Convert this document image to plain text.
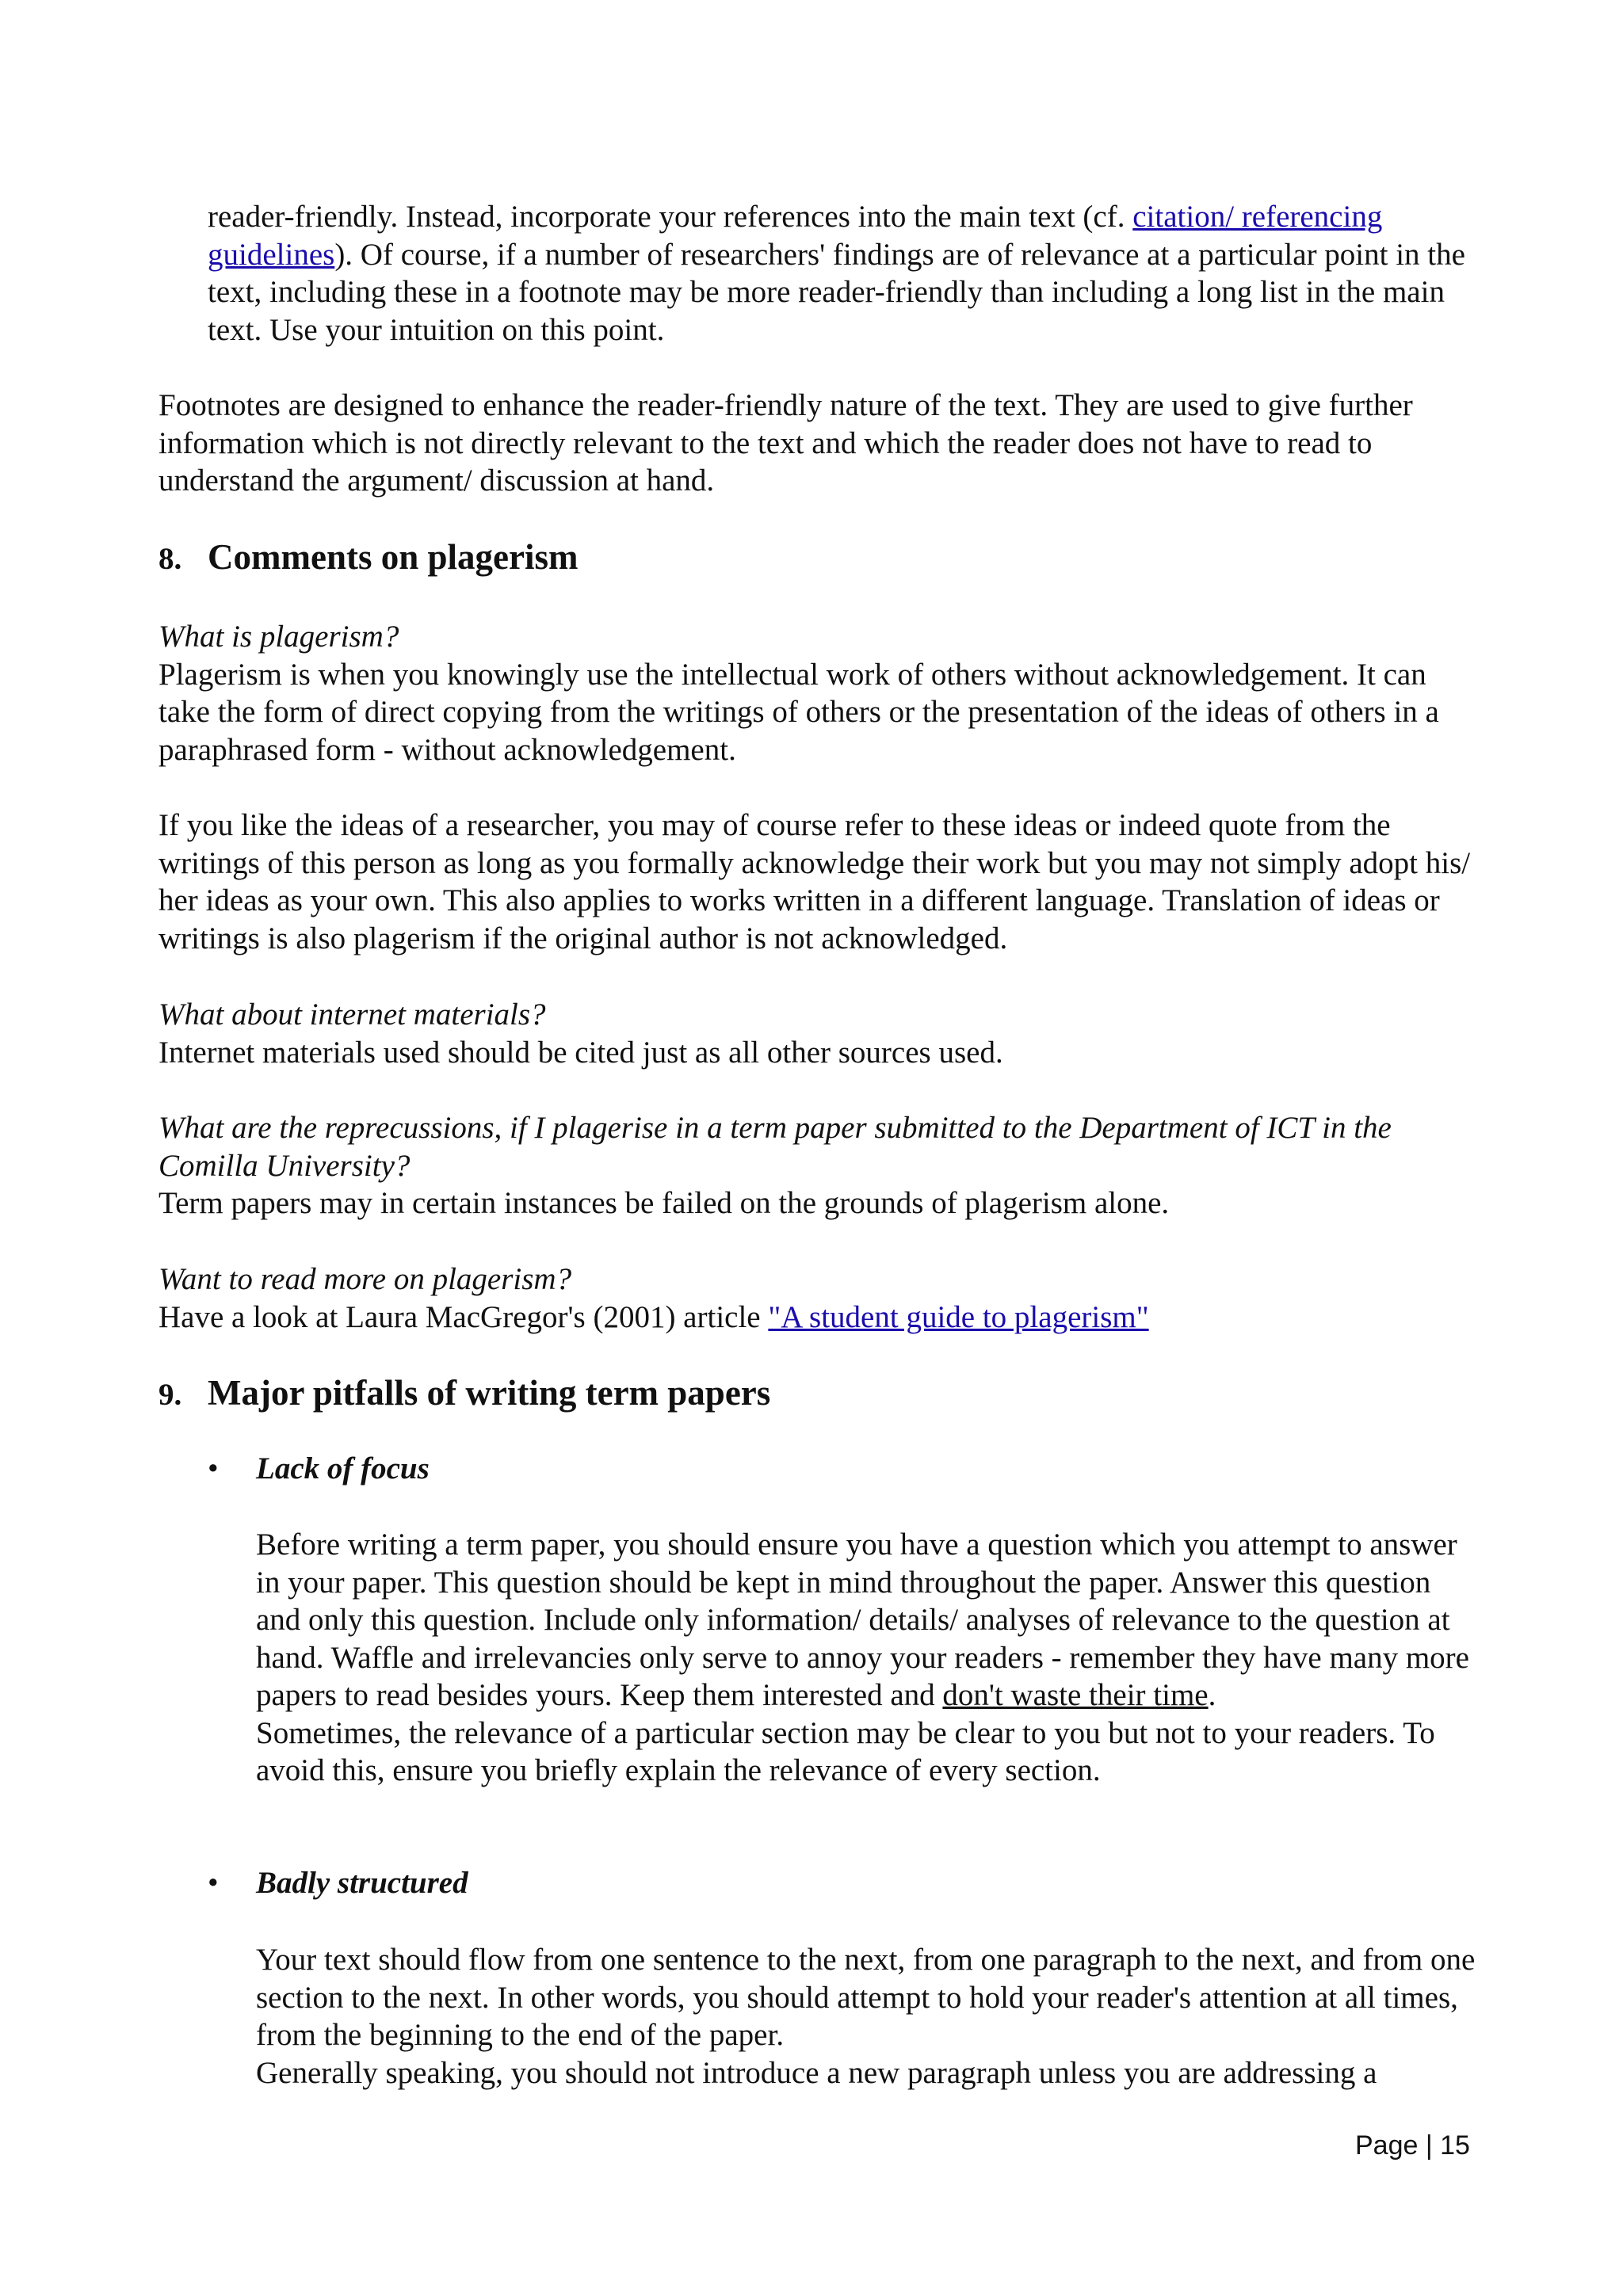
reader-friendly. Instead, incorporate your references into the main text (cf. citation/ referencing guidelines). Of course, if a number of researchers' findings are of relevance at a particular point in the text, including these in a footnote may be more reader-friendly than including a long list in the main text. Use your intuition on this point.

Footnotes are designed to enhance the reader-friendly nature of the text. They are used to give further information which is not directly relevant to the text and which the reader does not have to read to understand the argument/ discussion at hand.

8. Comments on plagerism

What is plagerism?

Plagerism is when you knowingly use the intellectual work of others without acknowledgement. It can take the form of direct copying from the writings of others or the presentation of the ideas of others in a paraphrased form - without acknowledgement.

If you like the ideas of a researcher, you may of course refer to these ideas or indeed quote from the writings of this person as long as you formally acknowledge their work but you may not simply adopt his/ her ideas as your own. This also applies to works written in a different language. Translation of ideas or writings is also plagerism if the original author is not acknowledged.

What about internet materials?

Internet materials used should be cited just as all other sources used.

What are the reprecussions, if I plagerise in a term paper submitted to the Department of ICT in the Comilla University?

Term papers may in certain instances be failed on the grounds of plagerism alone.

Want to read more on plagerism?

Have a look at Laura MacGregor's (2001) article "A student guide to plagerism"

9. Major pitfalls of writing term papers
• Lack of focus

Before writing a term paper, you should ensure you have a question which you attempt to answer in your paper. This question should be kept in mind throughout the paper. Answer this question and only this question. Include only information/ details/ analyses of relevance to the question at hand. Waffle and irrelevancies only serve to annoy your readers - remember they have many more papers to read besides yours. Keep them interested and don't waste their time.

Sometimes, the relevance of a particular section may be clear to you but not to your readers. To avoid this, ensure you briefly explain the relevance of every section.

• Badly structured

Your text should flow from one sentence to the next, from one paragraph to the next, and from one section to the next. In other words, you should attempt to hold your reader's attention at all times, from the beginning to the end of the paper.

Generally speaking, you should not introduce a new paragraph unless you are addressing a

Page | 15
